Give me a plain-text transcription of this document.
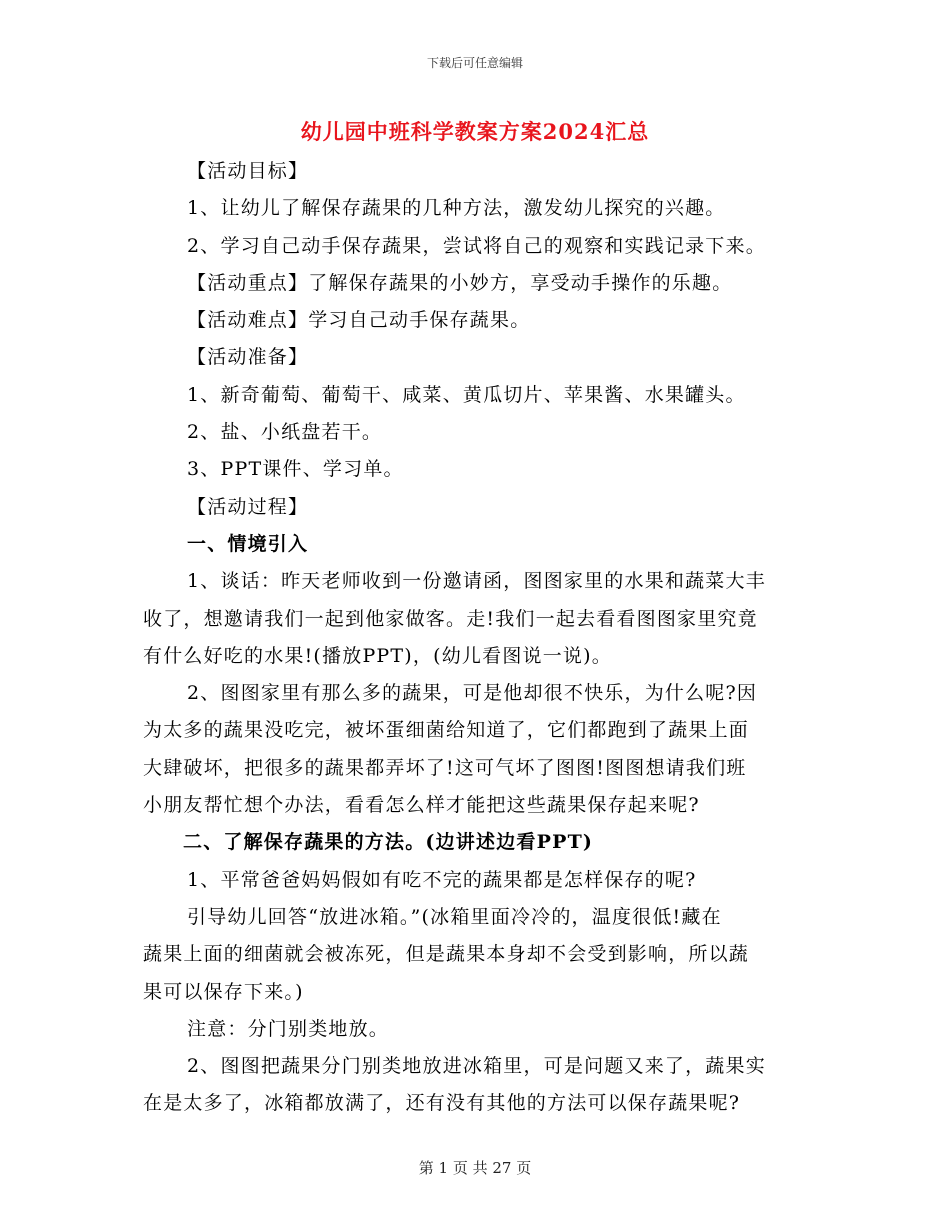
下载后可任意编辑
幼儿园中班科学教案方案2024汇总
【活动目标】
1、让幼儿了解保存蔬果的几种方法，激发幼儿探究的兴趣。
2、学习自己动手保存蔬果，尝试将自己的观察和实践记录下来。
【活动重点】了解保存蔬果的小妙方，享受动手操作的乐趣。
【活动难点】学习自己动手保存蔬果。
【活动准备】
1、新奇葡萄、葡萄干、咸菜、黄瓜切片、苹果酱、水果罐头。
2、盐、小纸盘若干。
3、PPT课件、学习单。
【活动过程】
一、情境引入
1、谈话：昨天老师收到一份邀请函，图图家里的水果和蔬菜大丰
收了，想邀请我们一起到他家做客。走!我们一起去看看图图家里究竟
有什么好吃的水果!(播放PPT)，(幼儿看图说一说)。
2、图图家里有那么多的蔬果，可是他却很不快乐，为什么呢?因
为太多的蔬果没吃完，被坏蛋细菌给知道了，它们都跑到了蔬果上面
大肆破坏，把很多的蔬果都弄坏了!这可气坏了图图!图图想请我们班
小朋友帮忙想个办法，看看怎么样才能把这些蔬果保存起来呢?
二、了解保存蔬果的方法。(边讲述边看PPT)
1、平常爸爸妈妈假如有吃不完的蔬果都是怎样保存的呢?
引导幼儿回答“放进冰箱。”(冰箱里面冷冷的，温度很低!藏在
蔬果上面的细菌就会被冻死，但是蔬果本身却不会受到影响，所以蔬
果可以保存下来。)
注意：分门别类地放。
2、图图把蔬果分门别类地放进冰箱里，可是问题又来了，蔬果实
在是太多了，冰箱都放满了，还有没有其他的方法可以保存蔬果呢?
第 1 页 共 27 页
